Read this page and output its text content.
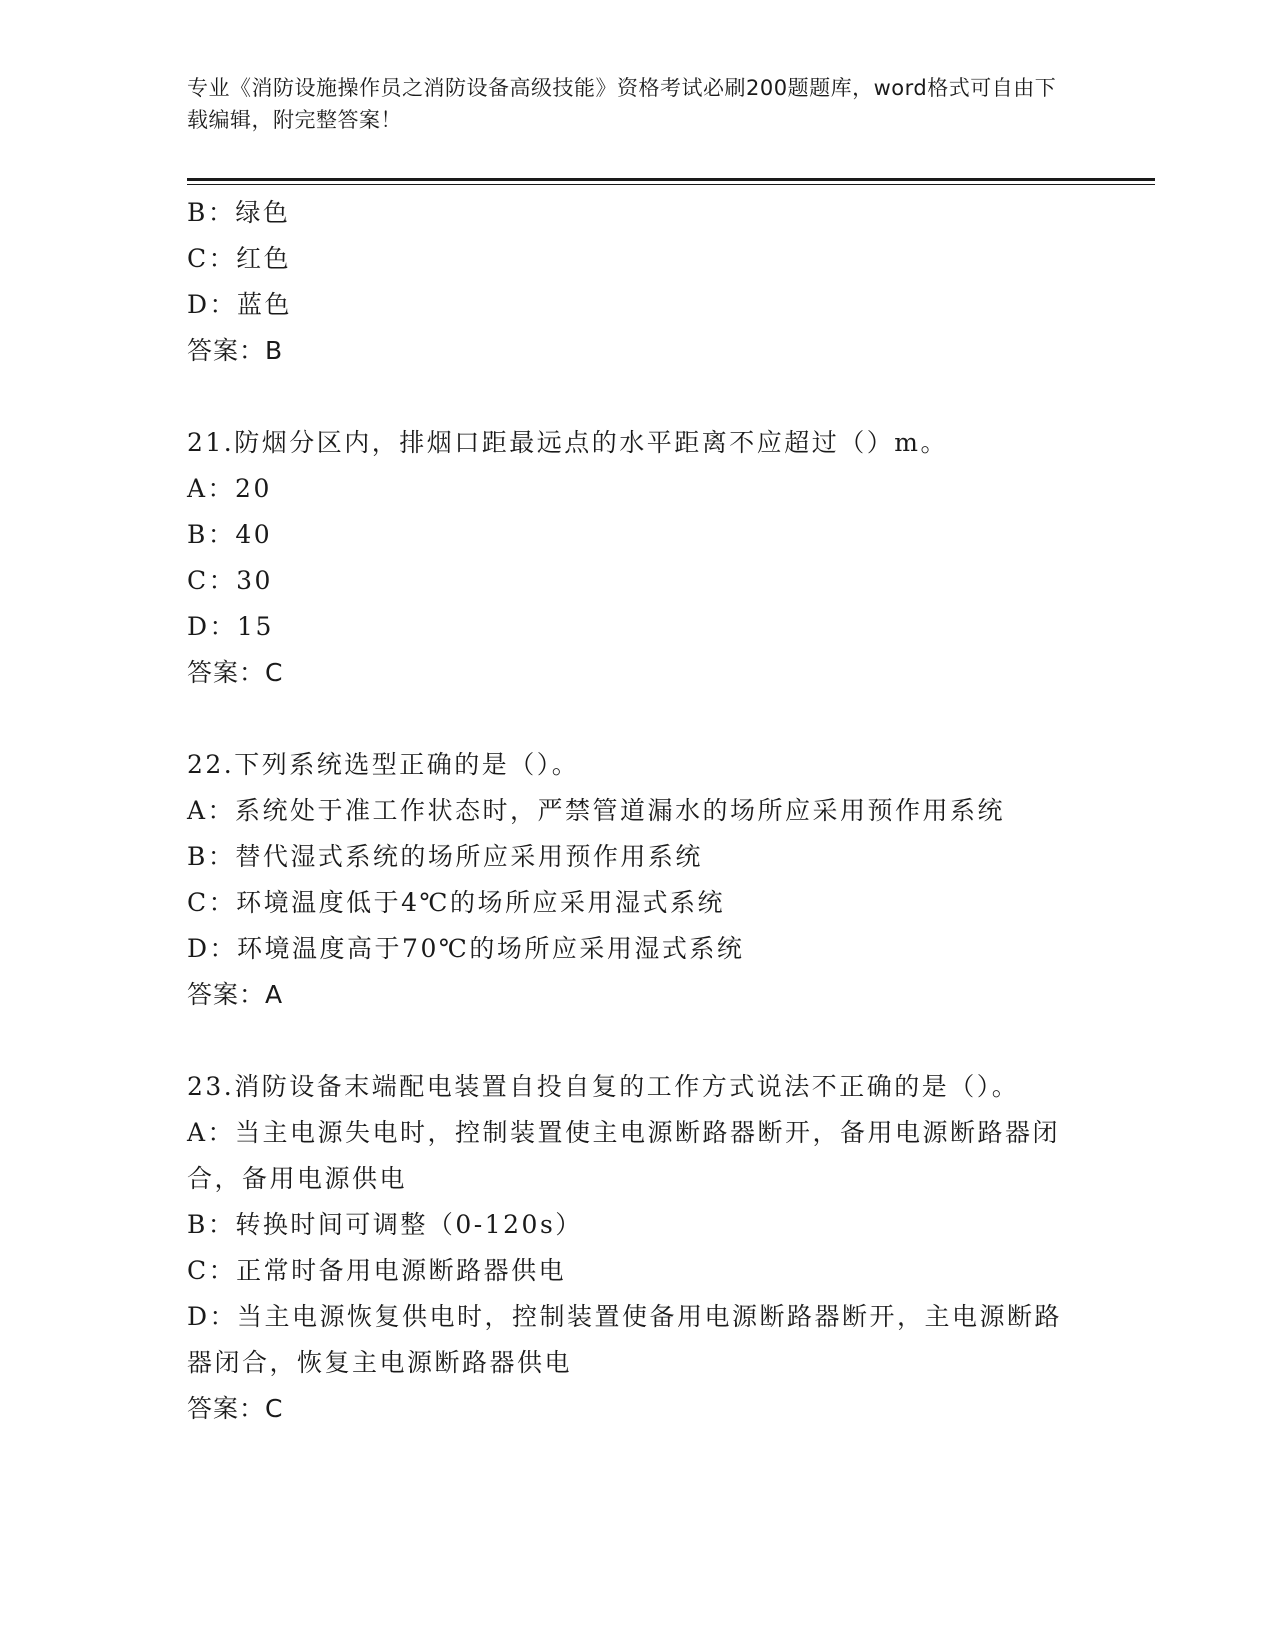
专业《消防设施操作员之消防设备高级技能》资格考试必刷200题题库，word格式可自由下载编辑，附完整答案！
B：绿色
C：红色
D：蓝色
答案：B
21.防烟分区内，排烟口距最远点的水平距离不应超过（）m。
A：20
B：40
C：30
D：15
答案：C
22.下列系统选型正确的是（）。
A：系统处于准工作状态时，严禁管道漏水的场所应采用预作用系统
B：替代湿式系统的场所应采用预作用系统
C：环境温度低于4℃的场所应采用湿式系统
D：环境温度高于70℃的场所应采用湿式系统
答案：A
23.消防设备末端配电装置自投自复的工作方式说法不正确的是（）。
A：当主电源失电时，控制装置使主电源断路器断开，备用电源断路器闭合，备用电源供电
B：转换时间可调整（0-120s）
C：正常时备用电源断路器供电
D：当主电源恢复供电时，控制装置使备用电源断路器断开，主电源断路器闭合，恢复主电源断路器供电
答案：C
